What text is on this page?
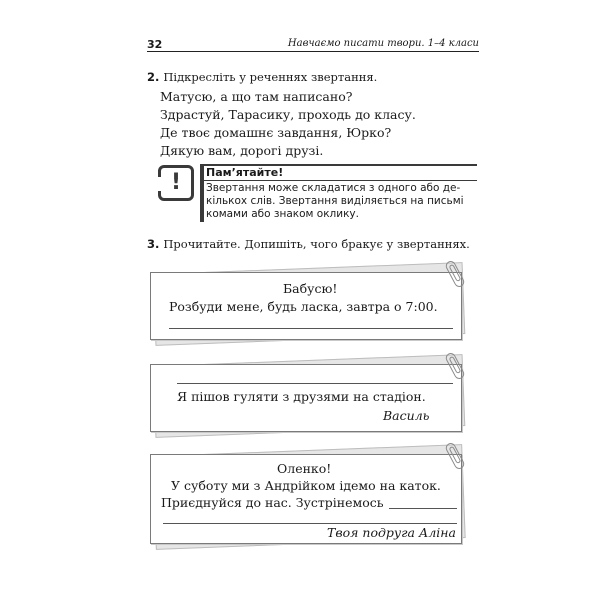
32	Навчаємо писати твори. 1–4 класи
2. Підкресліть у реченнях звертання.
Матусю, а що там написано?
Здрастуй, Тарасику, проходь до класу.
Де твоє домашнє завдання, Юрко?
Дякую вам, дорогі друзі.
!	Пам’ятайте!
Звертання може складатися з одного або де-
кількох слів. Звертання виділяється на письмі
комами або знаком оклику.
3. Прочитайте. Допишіть, чого бракує у звертаннях.
Бабусю!
Розбуди мене, будь ласка, завтра о 7:00.
Я пішов гуляти з друзями на стадіон.
Василь
Оленко!
У суботу ми з Андрійком ідемо на каток.
Приєднуйся до нас. Зустрінемось
Твоя подруга Аліна
